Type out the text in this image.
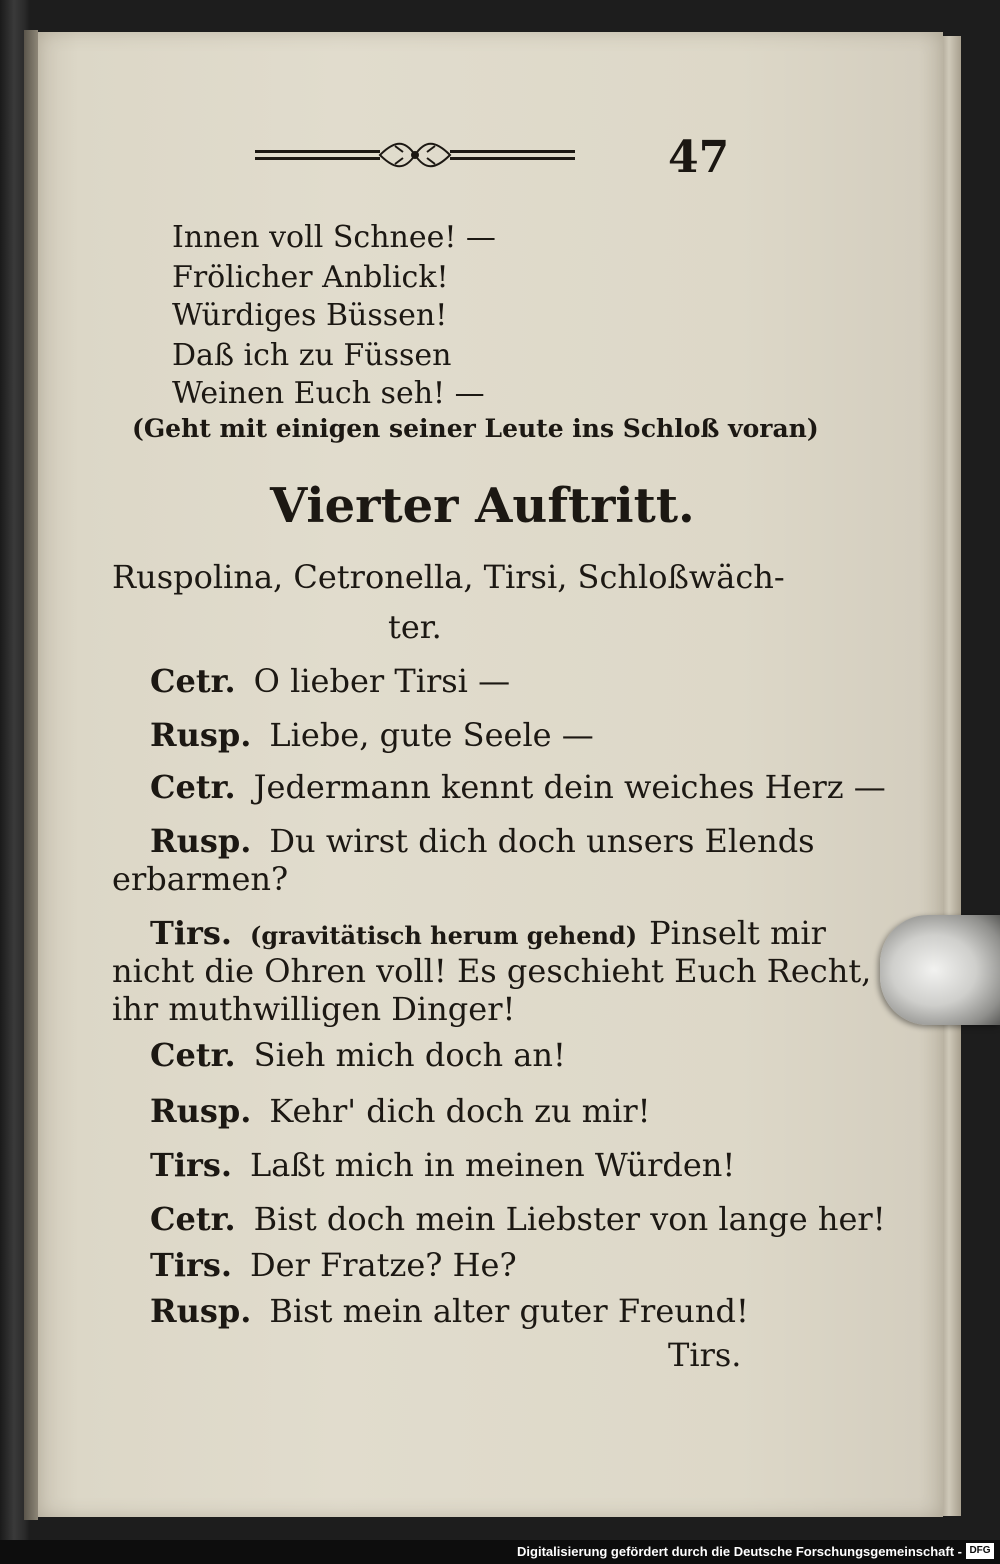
47
Innen voll Schnee! —
Frölicher Anblick!
Würdiges Büssen!
Daß ich zu Füssen
Weinen Euch seh! —
(Geht mit einigen seiner Leute ins Schloß voran)
Vierter Auftritt.
Ruspolina, Cetronella, Tirsi, Schloßwäch-
ter.
Cetr. O lieber Tirsi —
Rusp. Liebe, gute Seele —
Cetr. Jedermann kennt dein weiches Herz —
Rusp. Du wirst dich doch unsers Elends
erbarmen?
Tirs. (gravitätisch herum gehend) Pinselt mir
nicht die Ohren voll! Es geschieht Euch Recht,
ihr muthwilligen Dinger!
Cetr. Sieh mich doch an!
Rusp. Kehr' dich doch zu mir!
Tirs. Laßt mich in meinen Würden!
Cetr. Bist doch mein Liebster von lange her!
Tirs. Der Fratze? He?
Rusp. Bist mein alter guter Freund!
Tirs.
Digitalisierung gefördert durch die Deutsche Forschungsgemeinschaft - DFG
